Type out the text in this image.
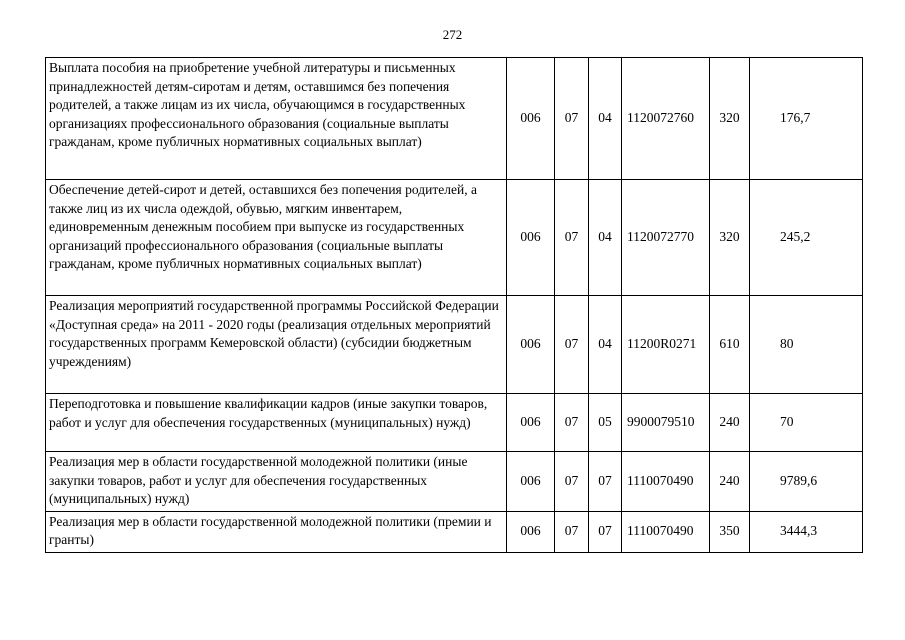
272
Выплата пособия на приобретение учебной литературы и письменных принадлежностей детям-сиротам и детям, оставшимся без попечения родителей, а также лицам из их числа, обучающимся в государственных организациях профессионального образования (социальные выплаты гражданам, кроме публичных нормативных социальных выплат)	006	07	04	1120072760	320	176,7
Обеспечение детей-сирот и детей, оставшихся без попечения родителей, а также лиц из их числа одеждой, обувью, мягким инвентарем, единовременным денежным пособием при выпуске из государственных организаций профессионального образования (социальные выплаты гражданам, кроме публичных нормативных социальных выплат)	006	07	04	1120072770	320	245,2
Реализация мероприятий государственной программы Российской Федерации «Доступная среда» на 2011 - 2020 годы (реализация отдельных мероприятий государственных программ Кемеровской области) (субсидии бюджетным учреждениям)	006	07	04	11200R0271	610	80
Переподготовка и повышение квалификации кадров (иные закупки товаров, работ и услуг для обеспечения государственных (муниципальных) нужд)	006	07	05	9900079510	240	70
Реализация мер в области государственной молодежной политики (иные закупки товаров, работ и услуг для обеспечения государственных (муниципальных) нужд)	006	07	07	1110070490	240	9789,6
Реализация мер в области государственной молодежной политики (премии и гранты)	006	07	07	1110070490	350	3444,3
